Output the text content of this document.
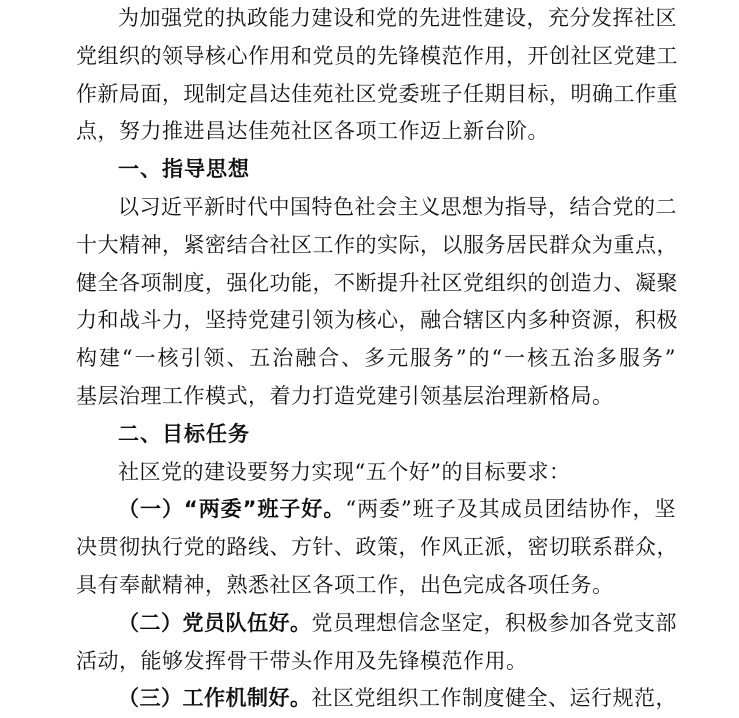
为加强党的执政能力建设和党的先进性建设，充分发挥社区
党组织的领导核心作用和党员的先锋模范作用，开创社区党建工
作新局面，现制定昌达佳苑社区党委班子任期目标，明确工作重
点，努力推进昌达佳苑社区各项工作迈上新台阶。
一、指导思想
以习近平新时代中国特色社会主义思想为指导，结合党的二
十大精神，紧密结合社区工作的实际，以服务居民群众为重点，
健全各项制度，强化功能，不断提升社区党组织的创造力、凝聚
力和战斗力，坚持党建引领为核心，融合辖区内多种资源，积极
构建“一核引领、五治融合、多元服务”的“一核五治多服务”
基层治理工作模式，着力打造党建引领基层治理新格局。
二、目标任务
社区党的建设要努力实现“五个好”的目标要求：
（一）“两委”班子好。“两委”班子及其成员团结协作，坚
决贯彻执行党的路线、方针、政策，作风正派，密切联系群众，
具有奉献精神，熟悉社区各项工作，出色完成各项任务。
（二）党员队伍好。党员理想信念坚定，积极参加各党支部
活动，能够发挥骨干带头作用及先锋模范作用。
（三）工作机制好。社区党组织工作制度健全、运行规范，
